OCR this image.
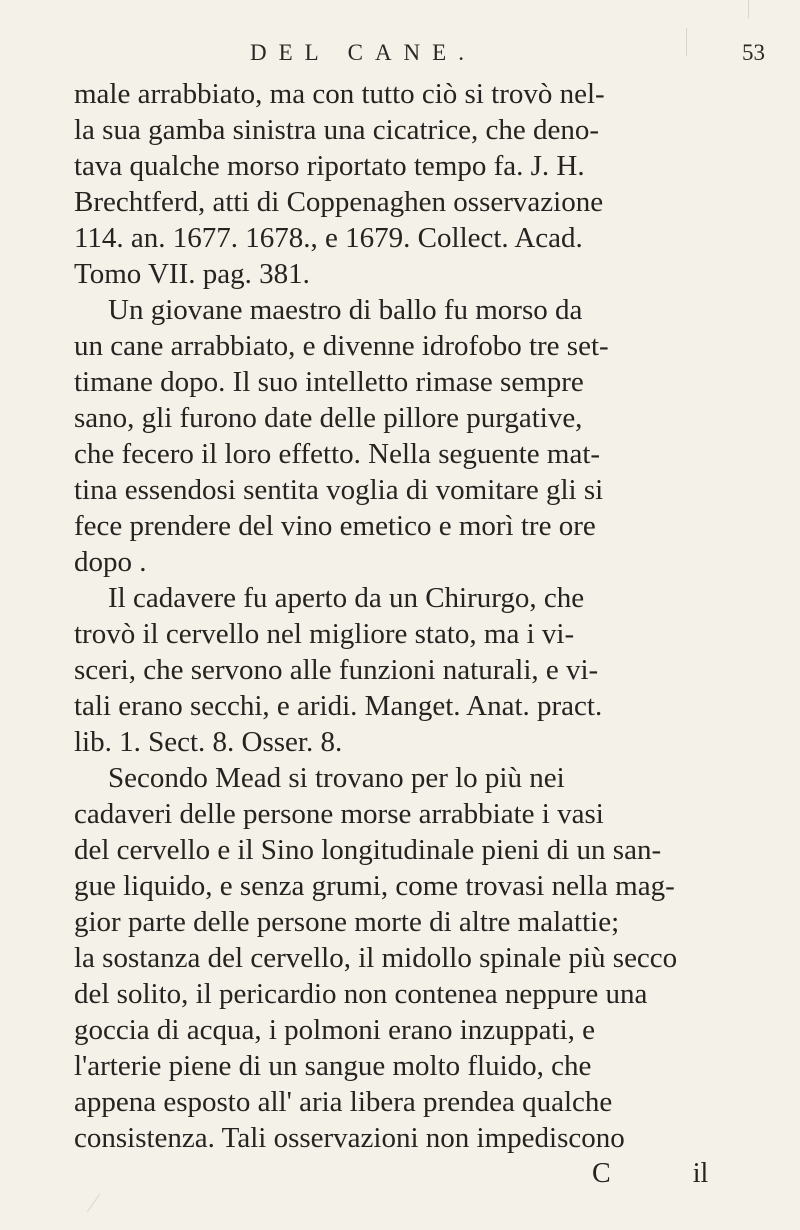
DEL CANE.	53
male arrabbiato, ma con tutto ciò si trovò nel-
la sua gamba sinistra una cicatrice, che deno-
tava qualche morso riportato tempo fa. J. H.
Brechtferd, atti di Coppenaghen osservazione
114. an. 1677. 1678., e 1679. Collect. Acad.
Tomo VII. pag. 381.
Un giovane maestro di ballo fu morso da
un cane arrabbiato, e divenne idrofobo tre set-
timane dopo. Il suo intelletto rimase sempre
sano, gli furono date delle pillore purgative,
che fecero il loro effetto. Nella seguente mat-
tina essendosi sentita voglia di vomitare gli si
fece prendere del vino emetico e morì tre ore
dopo .
Il cadavere fu aperto da un Chirurgo, che
trovò il cervello nel migliore stato, ma i vi-
sceri, che servono alle funzioni naturali, e vi-
tali erano secchi, e aridi. Manget. Anat. pract.
lib. 1. Sect. 8. Osser. 8.
Secondo Mead si trovano per lo più nei
cadaveri delle persone morse arrabbiate i vasi
del cervello e il Sino longitudinale pieni di un san-
gue liquido, e senza grumi, come trovasi nella mag-
gior parte delle persone morte di altre malattie;
la sostanza del cervello, il midollo spinale più secco
del solito, il pericardio non contenea neppure una
goccia di acqua, i polmoni erano inzuppati, e
l'arterie piene di un sangue molto fluido, che
appena esposto all' aria libera prendea qualche
consistenza. Tali osservazioni non impediscono
C	il
